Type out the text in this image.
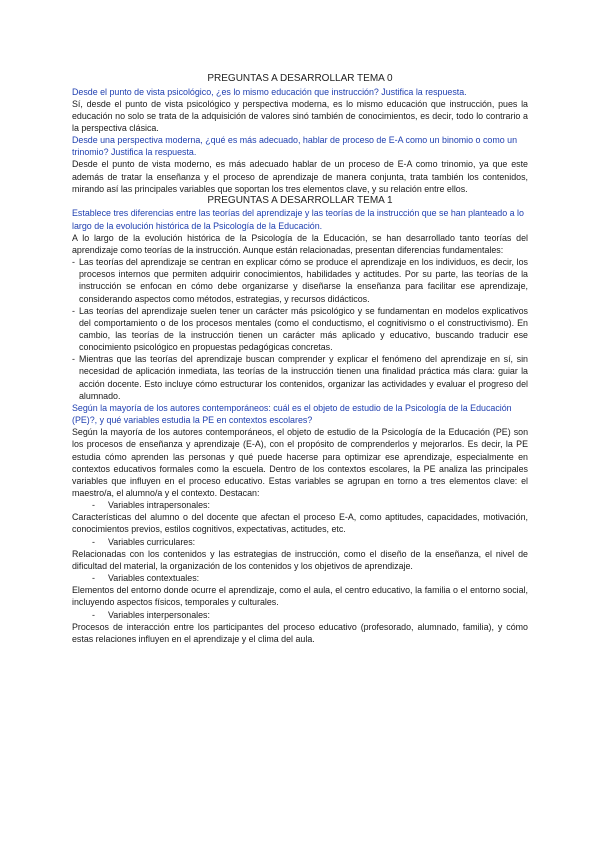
PREGUNTAS A DESARROLLAR TEMA 0

Desde el punto de vista psicológico, ¿es lo mismo educación que instrucción? Justifica la respuesta.

Sí, desde el punto de vista psicológico y perspectiva moderna, es lo mismo educación que instrucción, pues la educación no solo se trata de la adquisición de valores sinó también de conocimientos, es decir, todo lo contrario a la perspectiva clásica.

Desde una perspectiva moderna, ¿qué es más adecuado, hablar de proceso de E-A como un binomio o como un trinomio? Justifica la respuesta.

Desde el punto de vista moderno, es más adecuado hablar de un proceso de E-A como trinomio, ya que este además de tratar la enseñanza y el proceso de aprendizaje de manera conjunta, trata también los contenidos, mirando así las principales variables que soportan los tres elementos clave, y su relación entre ellos.

PREGUNTAS A DESARROLLAR TEMA 1

Establece tres diferencias entre las teorías del aprendizaje y las teorías de la instrucción que se han planteado a lo largo de la evolución histórica de la Psicología de la Educación.

A lo largo de la evolución histórica de la Psicología de la Educación, se han desarrollado tanto teorías del aprendizaje como teorías de la instrucción. Aunque están relacionadas, presentan diferencias fundamentales:

- Las teorías del aprendizaje se centran en explicar cómo se produce el aprendizaje en los individuos, es decir, los procesos internos que permiten adquirir conocimientos, habilidades y actitudes. Por su parte, las teorías de la instrucción se enfocan en cómo debe organizarse y diseñarse la enseñanza para facilitar ese aprendizaje, considerando aspectos como métodos, estrategias, y recursos didácticos.
- Las teorías del aprendizaje suelen tener un carácter más psicológico y se fundamentan en modelos explicativos del comportamiento o de los procesos mentales (como el conductismo, el cognitivismo o el constructivismo). En cambio, las teorías de la instrucción tienen un carácter más aplicado y educativo, buscando traducir ese conocimiento psicológico en propuestas pedagógicas concretas.
- Mientras que las teorías del aprendizaje buscan comprender y explicar el fenómeno del aprendizaje en sí, sin necesidad de aplicación inmediata, las teorías de la instrucción tienen una finalidad práctica más clara: guiar la acción docente. Esto incluye cómo estructurar los contenidos, organizar las actividades y evaluar el progreso del alumnado.

Según la mayoría de los autores contemporáneos: cuál es el objeto de estudio de la Psicología de la Educación (PE)?, y qué variables estudia la PE en contextos escolares?

Según la mayoría de los autores contemporáneos, el objeto de estudio de la Psicología de la Educación (PE) son los procesos de enseñanza y aprendizaje (E-A), con el propósito de comprenderlos y mejorarlos. Es decir, la PE estudia cómo aprenden las personas y qué puede hacerse para optimizar ese aprendizaje, especialmente en contextos educativos formales como la escuela. Dentro de los contextos escolares, la PE analiza las principales variables que influyen en el proceso educativo. Estas variables se agrupan en torno a tres elementos clave: el maestro/a, el alumno/a y el contexto. Destacan:

- Variables intrapersonales:

Características del alumno o del docente que afectan el proceso E-A, como aptitudes, capacidades, motivación, conocimientos previos, estilos cognitivos, expectativas, actitudes, etc.

- Variables curriculares:

Relacionadas con los contenidos y las estrategias de instrucción, como el diseño de la enseñanza, el nivel de dificultad del material, la organización de los contenidos y los objetivos de aprendizaje.

- Variables contextuales:

Elementos del entorno donde ocurre el aprendizaje, como el aula, el centro educativo, la familia o el entorno social, incluyendo aspectos físicos, temporales y culturales.

- Variables interpersonales:

Procesos de interacción entre los participantes del proceso educativo (profesorado, alumnado, familia), y cómo estas relaciones influyen en el aprendizaje y el clima del aula.
